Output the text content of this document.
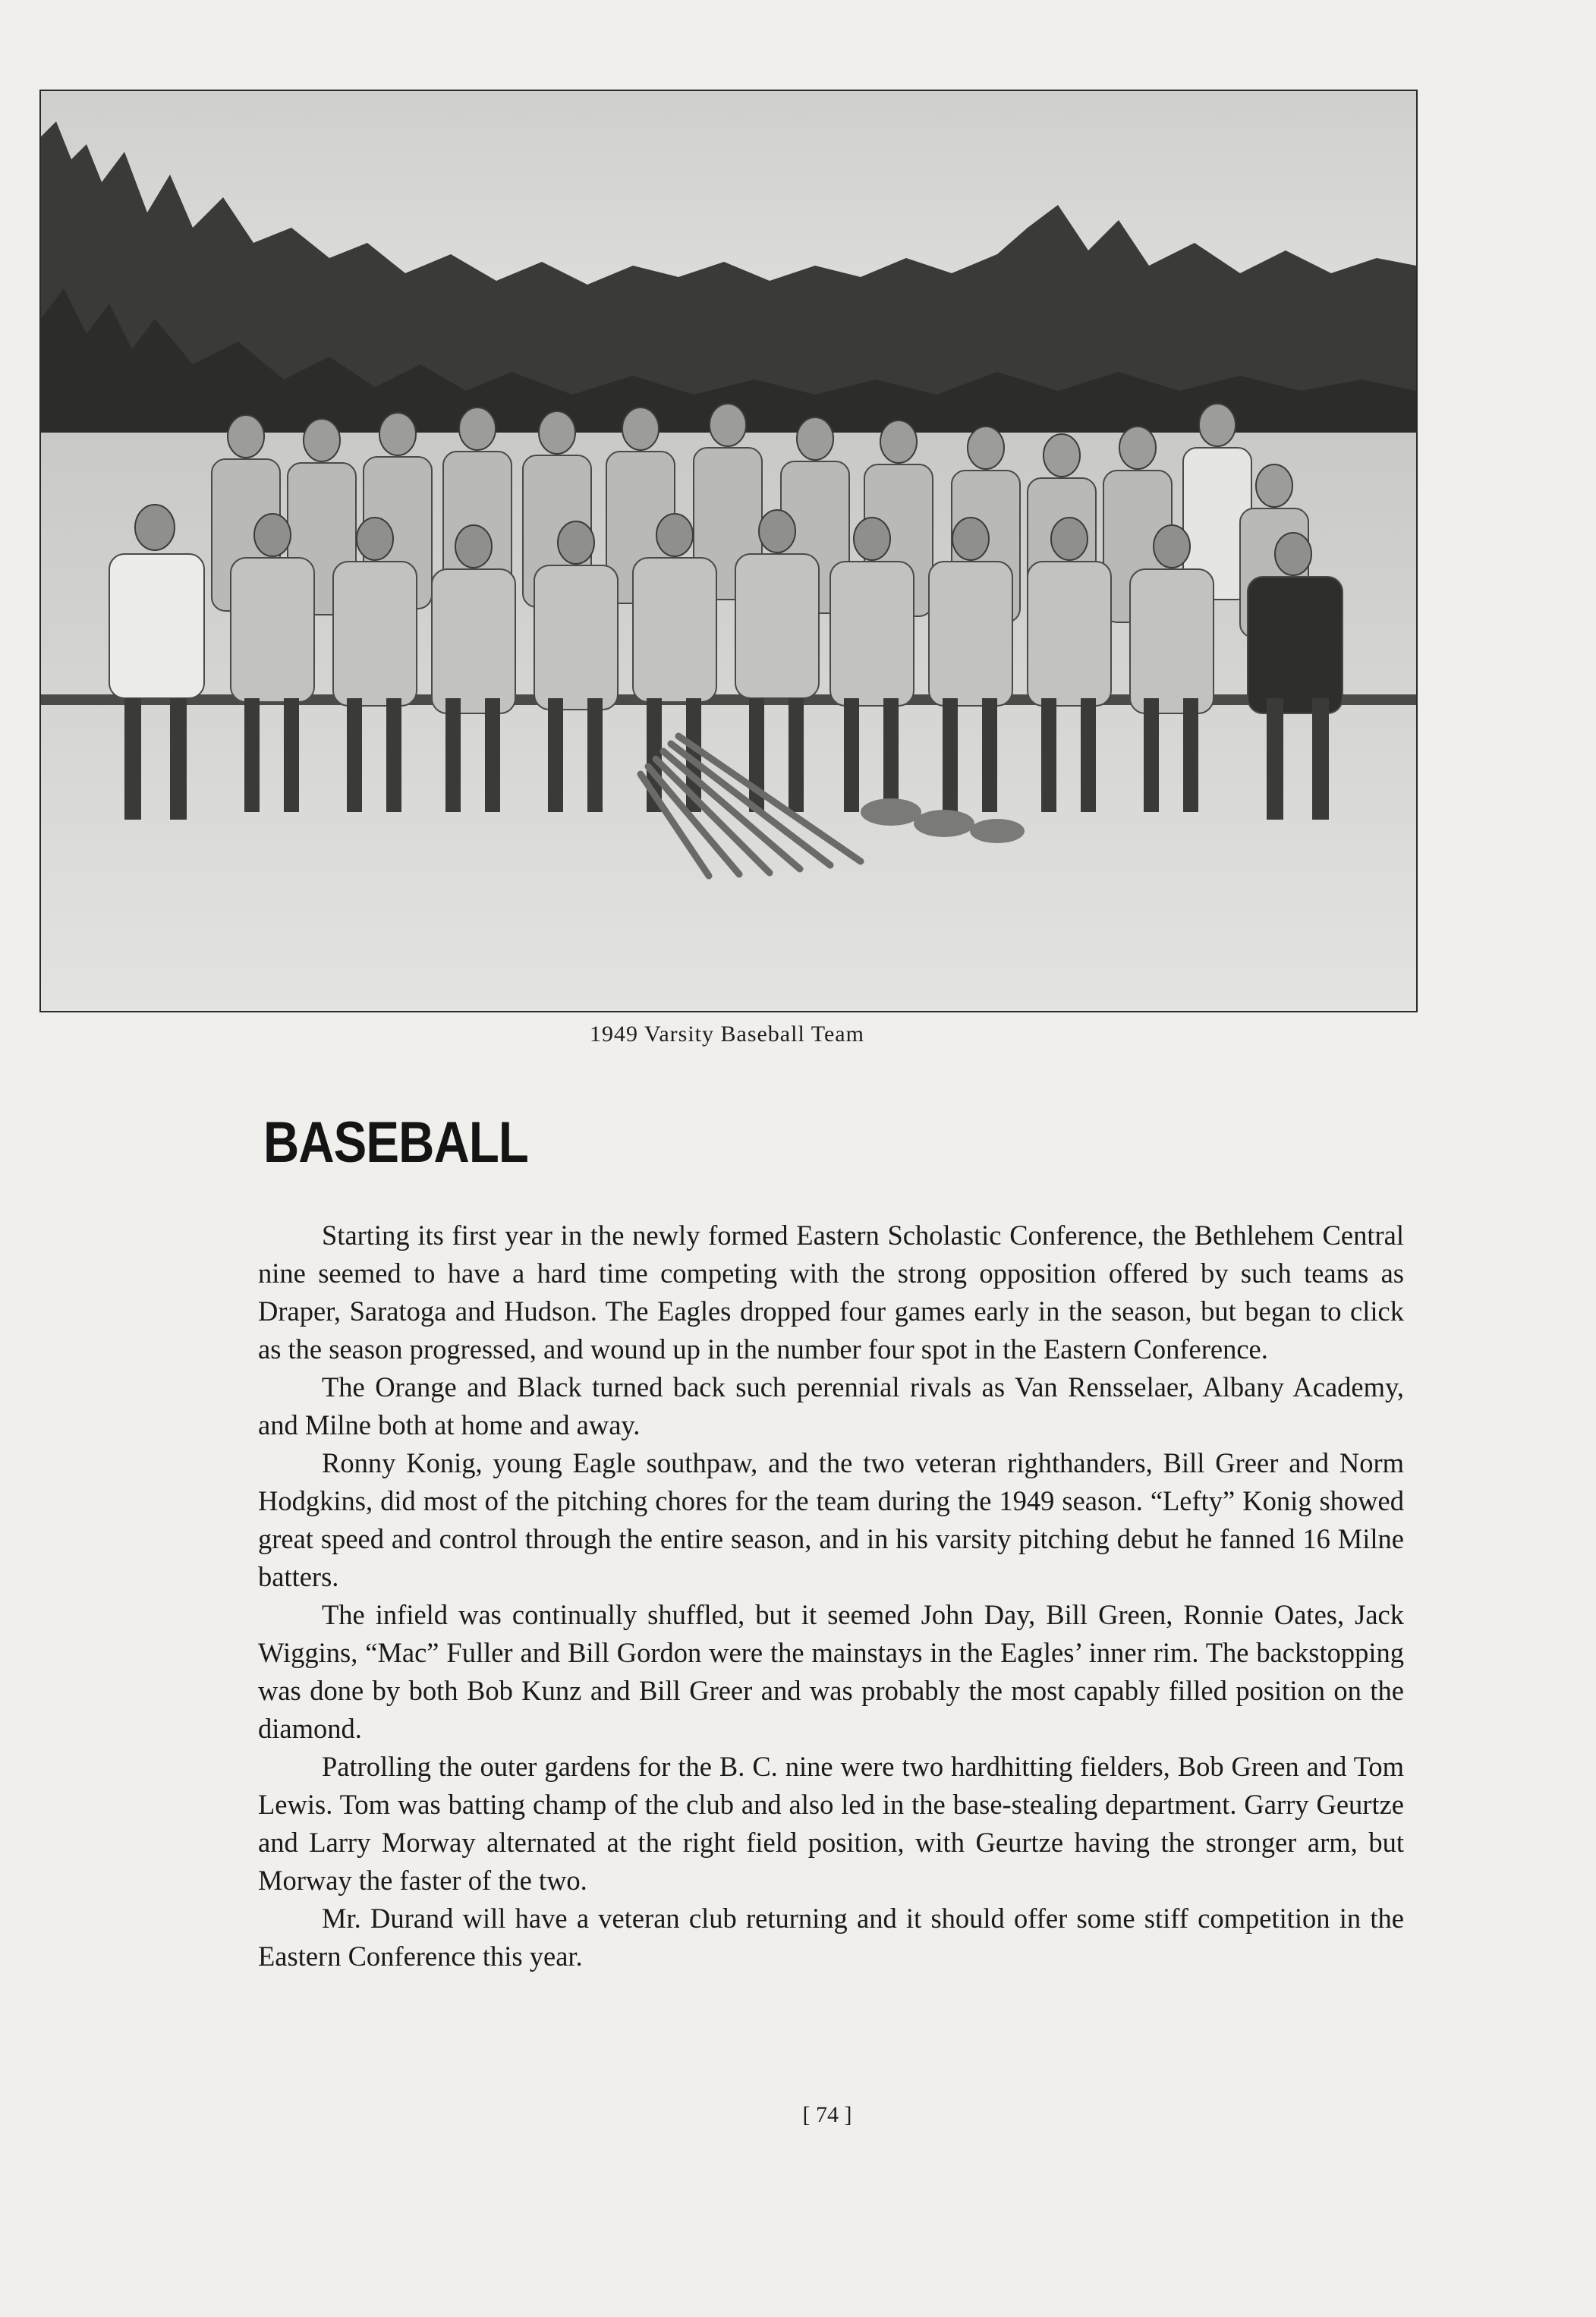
1949 Varsity Baseball Team
BASEBALL

Starting its first year in the newly formed Eastern Scholastic Conference, the Bethlehem Central nine seemed to have a hard time competing with the strong opposition offered by such teams as Draper, Saratoga and Hudson. The Eagles dropped four games early in the season, but began to click as the season progressed, and wound up in the number four spot in the Eastern Conference.

The Orange and Black turned back such perennial rivals as Van Rensselaer, Albany Academy, and Milne both at home and away.

Ronny Konig, young Eagle southpaw, and the two veteran righthanders, Bill Greer and Norm Hodgkins, did most of the pitching chores for the team during the 1949 season. “Lefty” Konig showed great speed and control through the entire season, and in his varsity pitching debut he fanned 16 Milne batters.

The infield was continually shuffled, but it seemed John Day, Bill Green, Ronnie Oates, Jack Wiggins, “Mac” Fuller and Bill Gordon were the mainstays in the Eagles’ inner rim. The backstopping was done by both Bob Kunz and Bill Greer and was probably the most capably filled position on the diamond.

Patrolling the outer gardens for the B. C. nine were two hardhitting fielders, Bob Green and Tom Lewis. Tom was batting champ of the club and also led in the base-stealing department. Garry Geurtze and Larry Morway alternated at the right field position, with Geurtze having the stronger arm, but Morway the faster of the two.

Mr. Durand will have a veteran club returning and it should offer some stiff competition in the Eastern Conference this year.

[ 74 ]
